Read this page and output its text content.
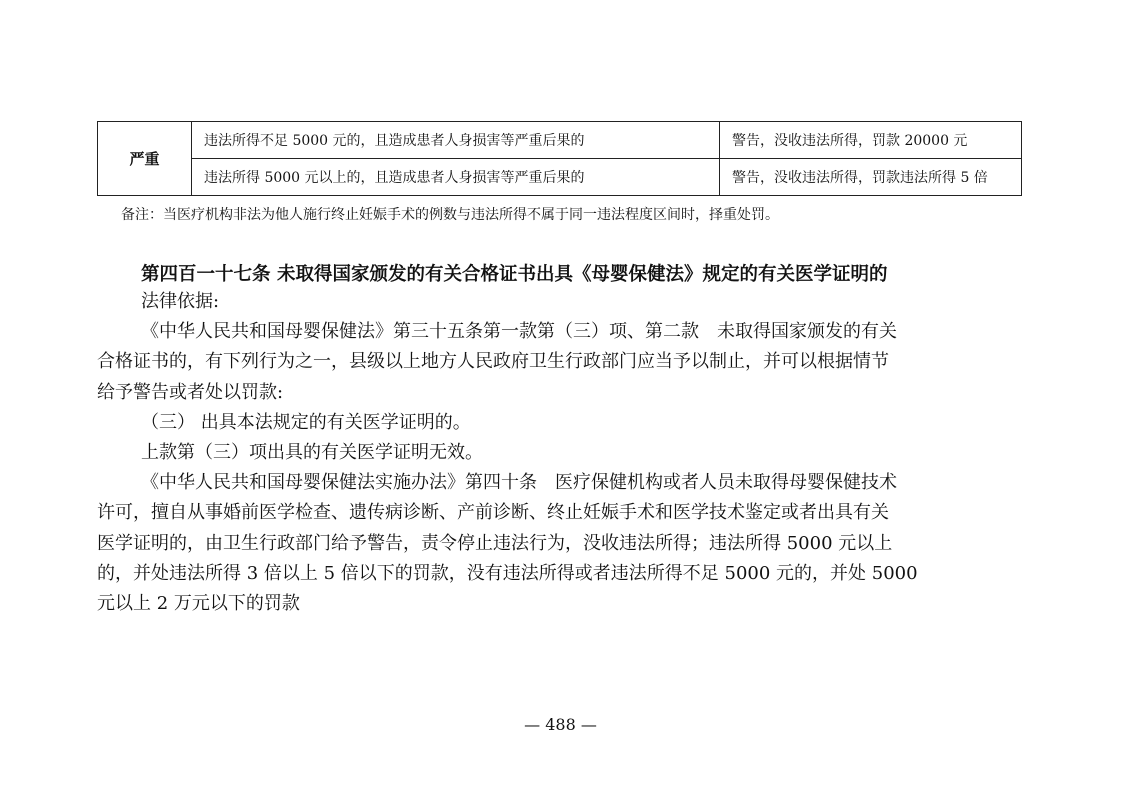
严重	违法所得不足 5000 元的，且造成患者人身损害等严重后果的	警告，没收违法所得，罚款 20000 元
	违法所得 5000 元以上的，且造成患者人身损害等严重后果的	警告，没收违法所得，罚款违法所得 5 倍
备注：当医疗机构非法为他人施行终止妊娠手术的例数与违法所得不属于同一违法程度区间时，择重处罚。
第四百一十七条 未取得国家颁发的有关合格证书出具《母婴保健法》规定的有关医学证明的
法律依据:
《中华人民共和国母婴保健法》第三十五条第一款第（三）项、第二款　未取得国家颁发的有关
合格证书的，有下列行为之一，县级以上地方人民政府卫生行政部门应当予以制止，并可以根据情节
给予警告或者处以罚款:
（三） 出具本法规定的有关医学证明的。
上款第（三）项出具的有关医学证明无效。
《中华人民共和国母婴保健法实施办法》第四十条　医疗保健机构或者人员未取得母婴保健技术
许可，擅自从事婚前医学检查、遗传病诊断、产前诊断、终止妊娠手术和医学技术鉴定或者出具有关
医学证明的，由卫生行政部门给予警告，责令停止违法行为，没收违法所得；违法所得 5000 元以上
的，并处违法所得 3 倍以上 5 倍以下的罚款，没有违法所得或者违法所得不足 5000 元的，并处 5000
元以上 2 万元以下的罚款
— 488 —
